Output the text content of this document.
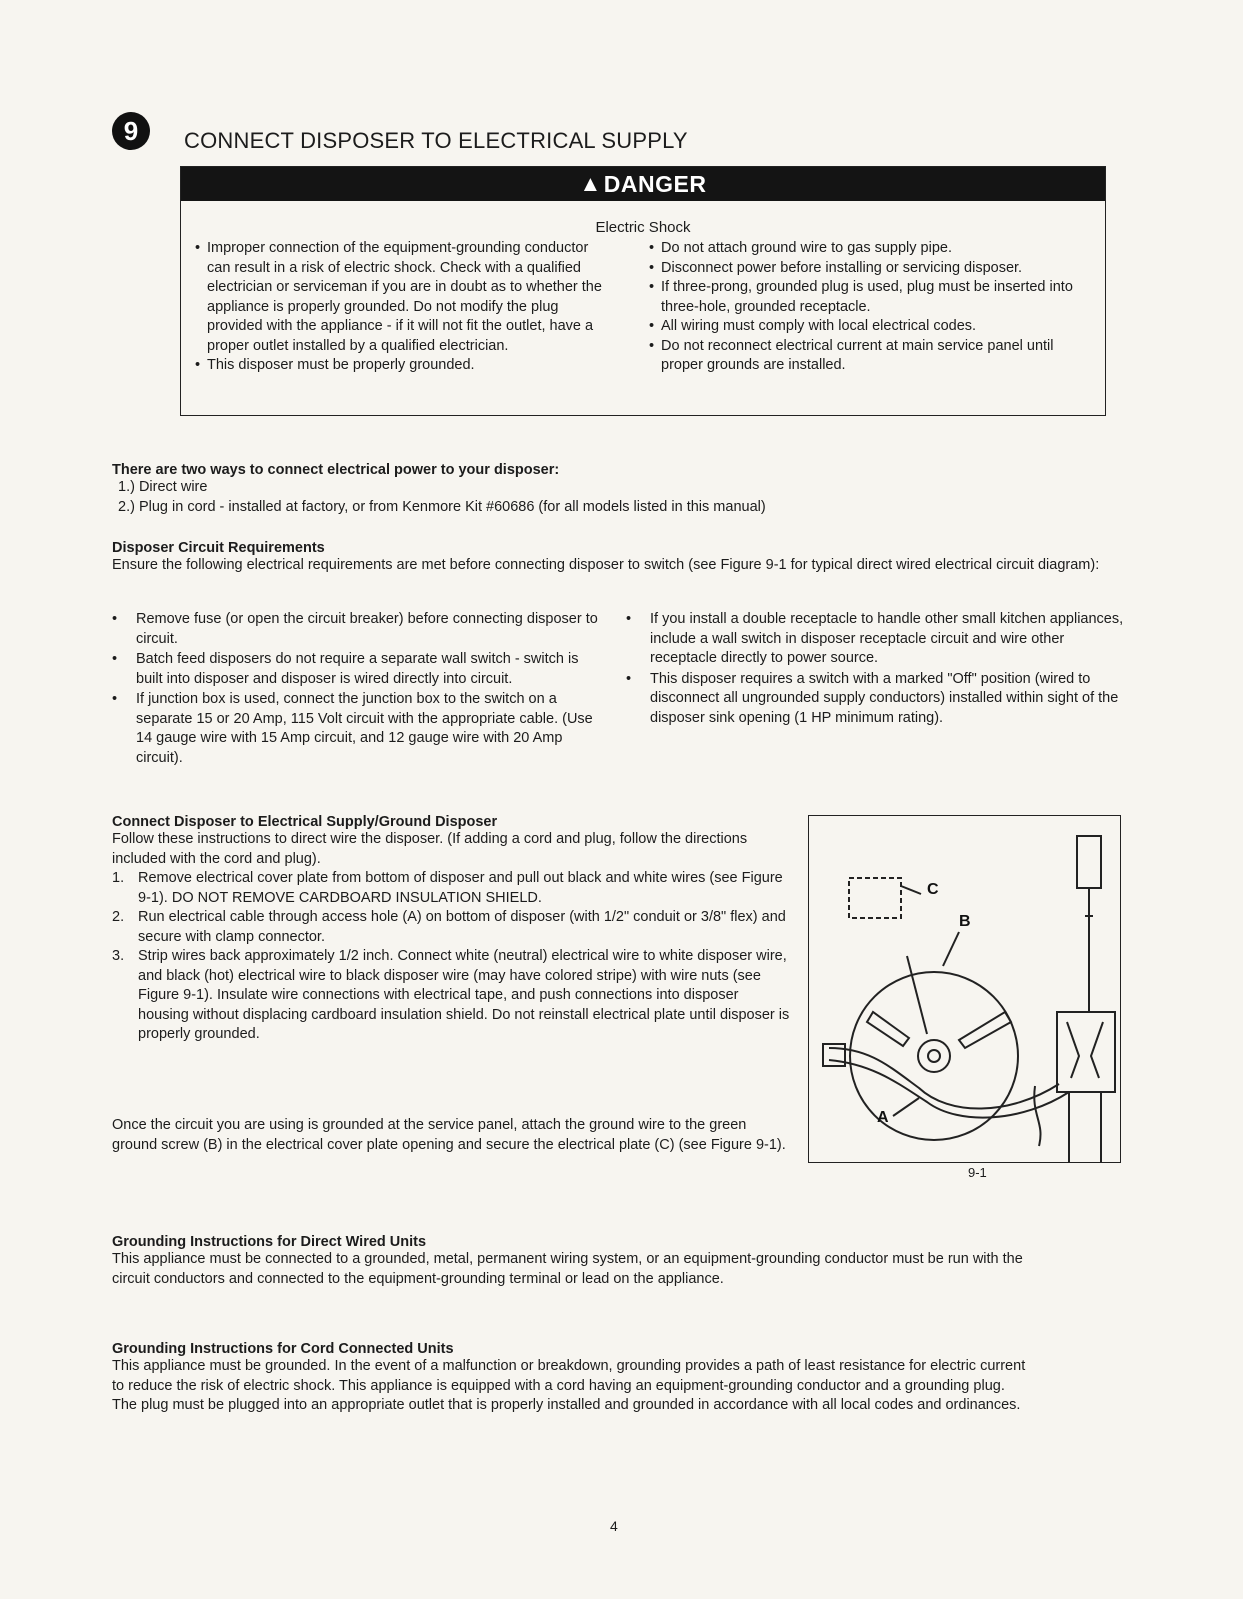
9	CONNECT DISPOSER TO ELECTRICAL SUPPLY
▲ DANGER
Electric Shock

• Improper connection of the equipment-grounding conductor can result in a risk of electric shock. Check with a qualified electrician or serviceman if you are in doubt as to whether the appliance is properly grounded. Do not modify the plug provided with the appliance - if it will not fit the outlet, have a proper outlet installed by a qualified electrician.

• This disposer must be properly grounded.

• Do not attach ground wire to gas supply pipe.

• Disconnect power before installing or servicing disposer.

• If three-prong, grounded plug is used, plug must be inserted into three-hole, grounded receptacle.

• All wiring must comply with local electrical codes.

• Do not reconnect electrical current at main service panel until proper grounds are installed.

There are two ways to connect electrical power to your disposer:

1.) Direct wire

2.) Plug in cord - installed at factory, or from Kenmore Kit #60686 (for all models listed in this manual)

Disposer Circuit Requirements

Ensure the following electrical requirements are met before connecting disposer to switch (see Figure 9-1 for typical direct wired electrical circuit diagram):

• Remove fuse (or open the circuit breaker) before connecting disposer to circuit.

• Batch feed disposers do not require a separate wall switch - switch is built into disposer and disposer is wired directly into circuit.

• If junction box is used, connect the junction box to the switch on a separate 15 or 20 Amp, 115 Volt circuit with the appropriate cable. (Use 14 gauge wire with 15 Amp circuit, and 12 gauge wire with 20 Amp circuit).

• If you install a double receptacle to handle other small kitchen appliances, include a wall switch in disposer receptacle circuit and wire other receptacle directly to power source.

• This disposer requires a switch with a marked "Off" position (wired to disconnect all ungrounded supply conductors) installed within sight of the disposer sink opening (1 HP minimum rating).

Connect Disposer to Electrical Supply/Ground Disposer

Follow these instructions to direct wire the disposer. (If adding a cord and plug, follow the directions included with the cord and plug).

1. Remove electrical cover plate from bottom of disposer and pull out black and white wires (see Figure 9-1). DO NOT REMOVE CARDBOARD INSULATION SHIELD.
2. Run electrical cable through access hole (A) on bottom of disposer (with 1/2" conduit or 3/8" flex) and secure with clamp connector.
3. Strip wires back approximately 1/2 inch. Connect white (neutral) electrical wire to white disposer wire, and black (hot) electrical wire to black disposer wire (may have colored stripe) with wire nuts (see Figure 9-1). Insulate wire connections with electrical tape, and push connections into disposer housing without displacing cardboard insulation shield. Do not reinstall electrical plate until disposer is properly grounded.

Once the circuit you are using is grounded at the service panel, attach the ground wire to the green ground screw (B) in the electrical cover plate opening and secure the electrical plate (C) (see Figure 9-1).

C
B
A
9-1

Grounding Instructions for Direct Wired Units

This appliance must be connected to a grounded, metal, permanent wiring system, or an equipment-grounding conductor must be run with the circuit conductors and connected to the equipment-grounding terminal or lead on the appliance.

Grounding Instructions for Cord Connected Units

This appliance must be grounded. In the event of a malfunction or breakdown, grounding provides a path of least resistance for electric current to reduce the risk of electric shock. This appliance is equipped with a cord having an equipment-grounding conductor and a grounding plug. The plug must be plugged into an appropriate outlet that is properly installed and grounded in accordance with all local codes and ordinances.

4
